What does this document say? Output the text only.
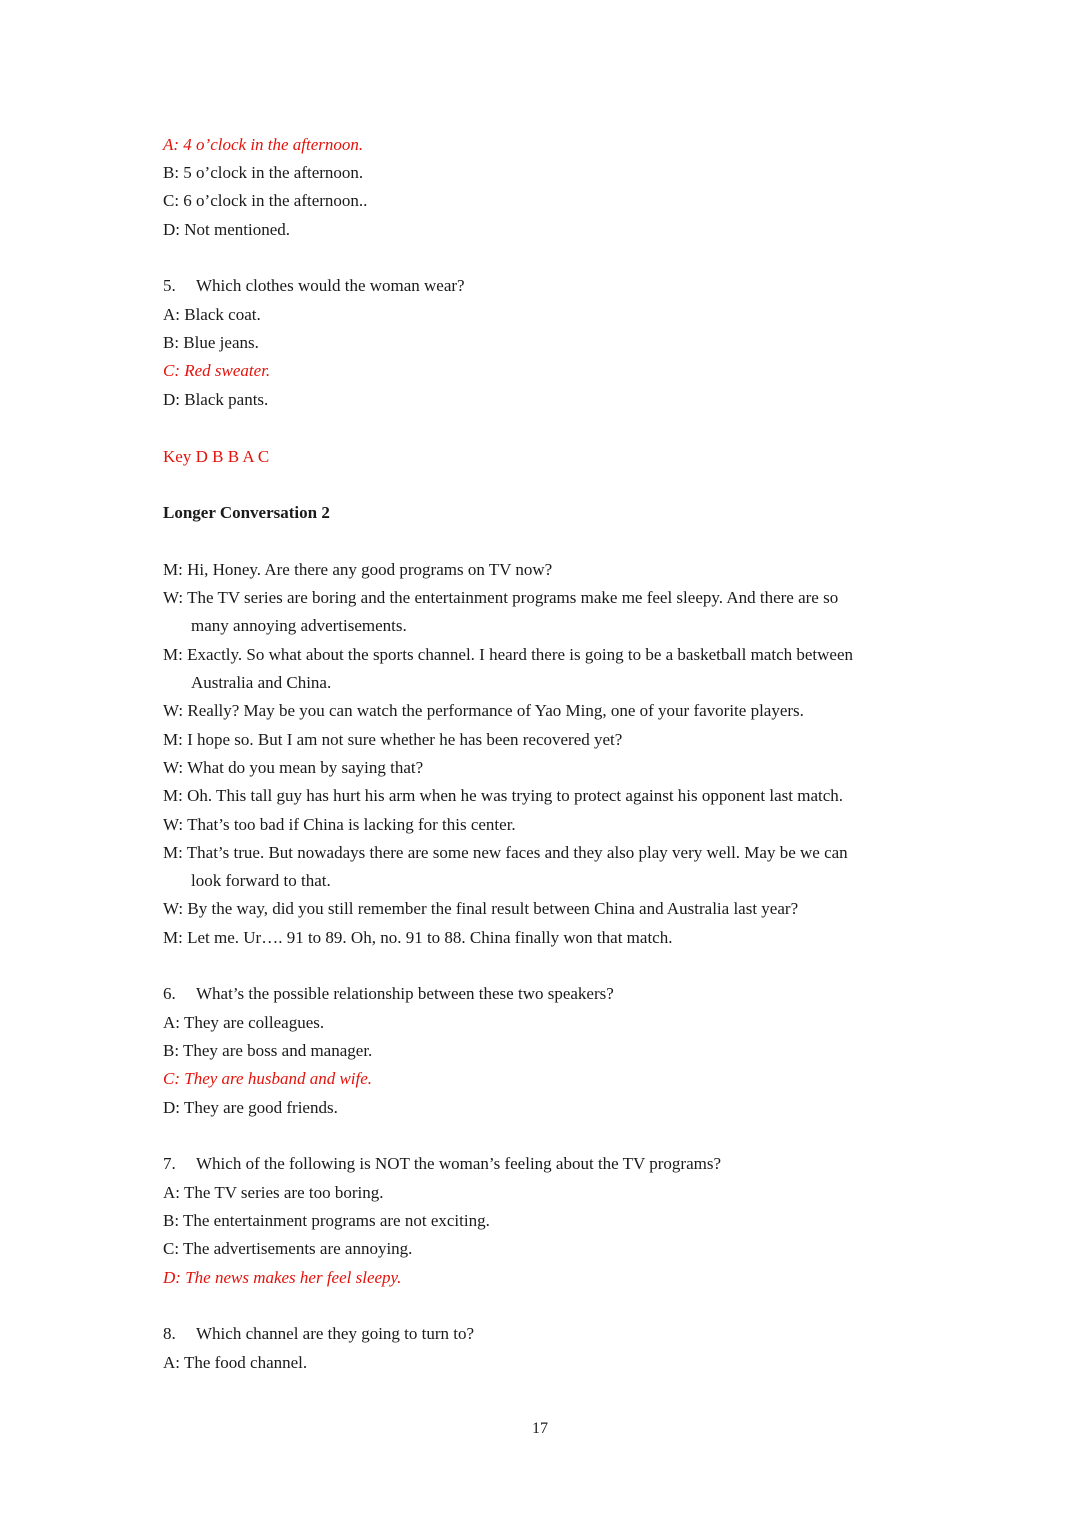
A: 4 o’clock in the afternoon.
B: 5 o’clock in the afternoon.
C: 6 o’clock in the afternoon..
D: Not mentioned.
5. Which clothes would the woman wear?
A: Black coat.
B: Blue jeans.
C: Red sweater.
D: Black pants.
Key D B B A C
Longer Conversation 2
M: Hi, Honey. Are there any good programs on TV now?
W: The TV series are boring and the entertainment programs make me feel sleepy. And there are so
many annoying advertisements.
M: Exactly. So what about the sports channel. I heard there is going to be a basketball match between
Australia and China.
W: Really? May be you can watch the performance of Yao Ming, one of your favorite players.
M: I hope so. But I am not sure whether he has been recovered yet?
W: What do you mean by saying that?
M: Oh. This tall guy has hurt his arm when he was trying to protect against his opponent last match.
W: That’s too bad if China is lacking for this center.
M: That’s true. But nowadays there are some new faces and they also play very well. May be we can
look forward to that.
W: By the way, did you still remember the final result between China and Australia last year?
M: Let me. Ur…. 91 to 89. Oh, no. 91 to 88. China finally won that match.
6. What’s the possible relationship between these two speakers?
A: They are colleagues.
B: They are boss and manager.
C: They are husband and wife.
D: They are good friends.
7. Which of the following is NOT the woman’s feeling about the TV programs?
A: The TV series are too boring.
B: The entertainment programs are not exciting.
C: The advertisements are annoying.
D: The news makes her feel sleepy.
8. Which channel are they going to turn to?
A: The food channel.
17
